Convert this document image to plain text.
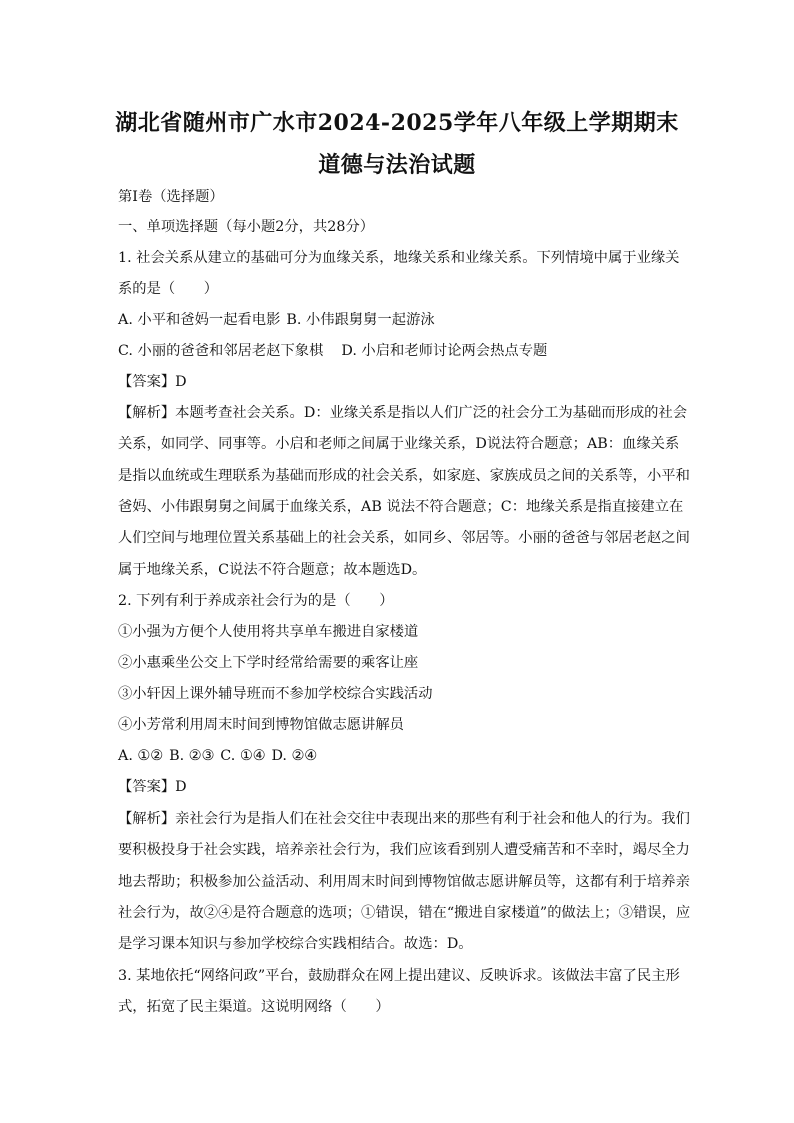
湖北省随州市广水市2024-2025学年八年级上学期期末
道德与法治试题
第I卷（选择题）
一、单项选择题（每小题2分，共28分）
1. 社会关系从建立的基础可分为血缘关系，地缘关系和业缘关系。下列情境中属于业缘关
系的是（　　）
A. 小平和爸妈一起看电影 B. 小伟跟舅舅一起游泳
C. 小丽的爸爸和邻居老赵下象棋 D. 小启和老师讨论两会热点专题
【答案】D
【解析】本题考查社会关系。D：业缘关系是指以人们广泛的社会分工为基础而形成的社会
关系，如同学、同事等。小启和老师之间属于业缘关系，D说法符合题意；AB：血缘关系
是指以血统或生理联系为基础而形成的社会关系，如家庭、家族成员之间的关系等，小平和
爸妈、小伟跟舅舅之间属于血缘关系，AB 说法不符合题意；C：地缘关系是指直接建立在
人们空间与地理位置关系基础上的社会关系，如同乡、邻居等。小丽的爸爸与邻居老赵之间
属于地缘关系，C说法不符合题意；故本题选D。
2. 下列有利于养成亲社会行为的是（　　）
①小强为方便个人使用将共享单车搬进自家楼道
②小惠乘坐公交上下学时经常给需要的乘客让座
③小轩因上课外辅导班而不参加学校综合实践活动
④小芳常利用周末时间到博物馆做志愿讲解员
A. ①② B. ②③ C. ①④ D. ②④
【答案】D
【解析】亲社会行为是指人们在社会交往中表现出来的那些有利于社会和他人的行为。我们
要积极投身于社会实践，培养亲社会行为，我们应该看到别人遭受痛苦和不幸时，竭尽全力
地去帮助；积极参加公益活动、利用周末时间到博物馆做志愿讲解员等，这都有利于培养亲
社会行为，故②④是符合题意的选项；①错误，错在“搬进自家楼道”的做法上；③错误，应
是学习课本知识与参加学校综合实践相结合。故选：D。
3. 某地依托“网络问政”平台，鼓励群众在网上提出建议、反映诉求。该做法丰富了民主形
式，拓宽了民主渠道。这说明网络（　　）
